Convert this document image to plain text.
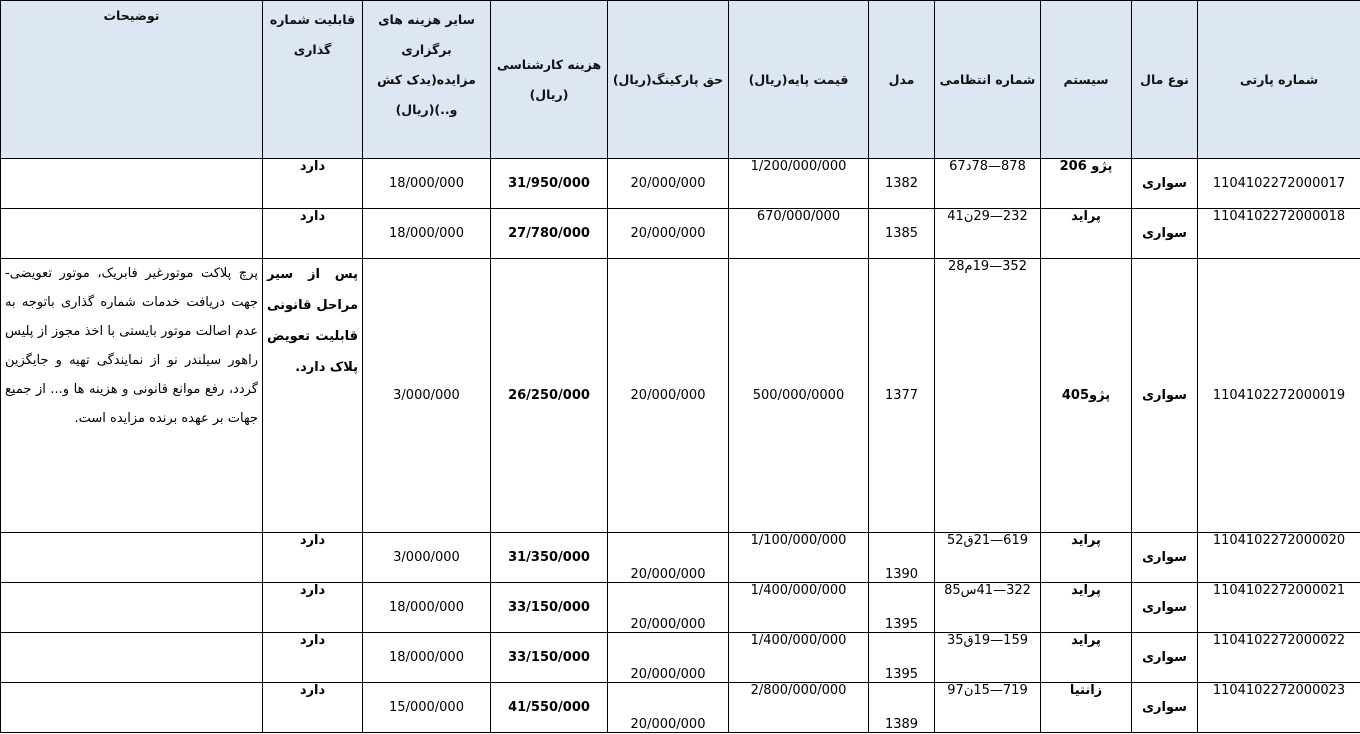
شماره پارتی	نوع مال	سیستم	شماره انتظامی	مدل	قیمت پایه(ریال)	حق پارکینگ(ریال)	هزینه کارشناسی (ریال)	سایر هزینه های برگزاری مزایده(یدک کش و..)(ریال)	قابلیت شماره گذاری	توضیحات
1104102272000017	سواری	پژو 206	878—78د67	1382	1/200/000/000	20/000/000	31/950/000	18/000/000	دارد	
1104102272000018	سواری	پراید	232—29ن41	1385	670/000/000	20/000/000	27/780/000	18/000/000	دارد	
1104102272000019	سواری	پژو405	352—19م28	1377	500/000/0000	20/000/000	26/250/000	3/000/000	پس از سیر مراحل قانونی قابلیت تعویض پلاک دارد.	پرچ پلاکت موتورغیر فابریک، موتور تعویضی-جهت دریافت خدمات شماره گذاری باتوجه به عدم اصالت موتور بایستی با اخذ مجوز از پلیس راهور سیلندر نو از نمایندگی تهیه و جایگزین گردد، رفع موانع قانونی و هزینه ها و... از جمیع جهات بر عهده برنده مزایده است.
1104102272000020	سواری	پراید	619—21ق52	1390	1/100/000/000	20/000/000	31/350/000	3/000/000	دارد	
1104102272000021	سواری	پراید	322—41س85	1395	1/400/000/000	20/000/000	33/150/000	18/000/000	دارد	
1104102272000022	سواری	پراید	159—19ق35	1395	1/400/000/000	20/000/000	33/150/000	18/000/000	دارد	
1104102272000023	سواری	زانتیا	719—15ن97	1389	2/800/000/000	20/000/000	41/550/000	15/000/000	دارد	
